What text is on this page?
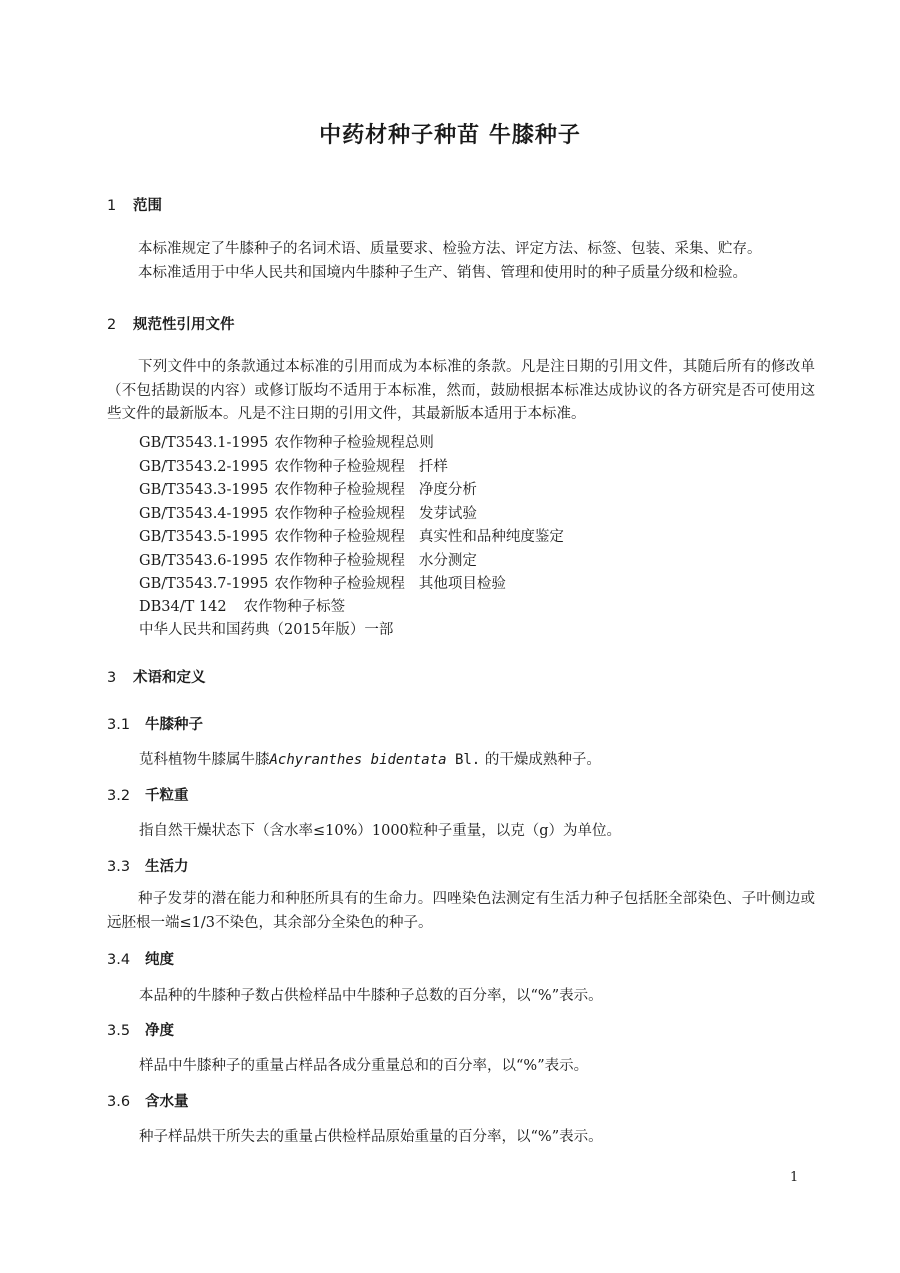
中药材种子种苗 牛膝种子
1 范围
本标准规定了牛膝种子的名词术语、质量要求、检验方法、评定方法、标签、包装、采集、贮存。
本标准适用于中华人民共和国境内牛膝种子生产、销售、管理和使用时的种子质量分级和检验。
2 规范性引用文件
下列文件中的条款通过本标准的引用而成为本标准的条款。凡是注日期的引用文件，其随后所有的修改单（不包括勘误的内容）或修订版均不适用于本标准，然而，鼓励根据本标准达成协议的各方研究是否可使用这些文件的最新版本。凡是不注日期的引用文件，其最新版本适用于本标准。
GB/T3543.1-1995 农作物种子检验规程总则
GB/T3543.2-1995 农作物种子检验规程 扦样
GB/T3543.3-1995 农作物种子检验规程 净度分析
GB/T3543.4-1995 农作物种子检验规程 发芽试验
GB/T3543.5-1995 农作物种子检验规程 真实性和品种纯度鉴定
GB/T3543.6-1995 农作物种子检验规程 水分测定
GB/T3543.7-1995 农作物种子检验规程 其他项目检验
DB34/T 142 农作物种子标签
中华人民共和国药典（2015年版）一部
3 术语和定义
3.1 牛膝种子
苋科植物牛膝属牛膝Achyranthes bidentata Bl. 的干燥成熟种子。
3.2 千粒重
指自然干燥状态下（含水率≤10%）1000粒种子重量，以克（g）为单位。
3.3 生活力
种子发芽的潜在能力和种胚所具有的生命力。四唑染色法测定有生活力种子包括胚全部染色、子叶侧边或远胚根一端≤1/3不染色，其余部分全染色的种子。
3.4 纯度
本品种的牛膝种子数占供检样品中牛膝种子总数的百分率，以“%”表示。
3.5 净度
样品中牛膝种子的重量占样品各成分重量总和的百分率，以“%”表示。
3.6 含水量
种子样品烘干所失去的重量占供检样品原始重量的百分率，以“%”表示。
1
